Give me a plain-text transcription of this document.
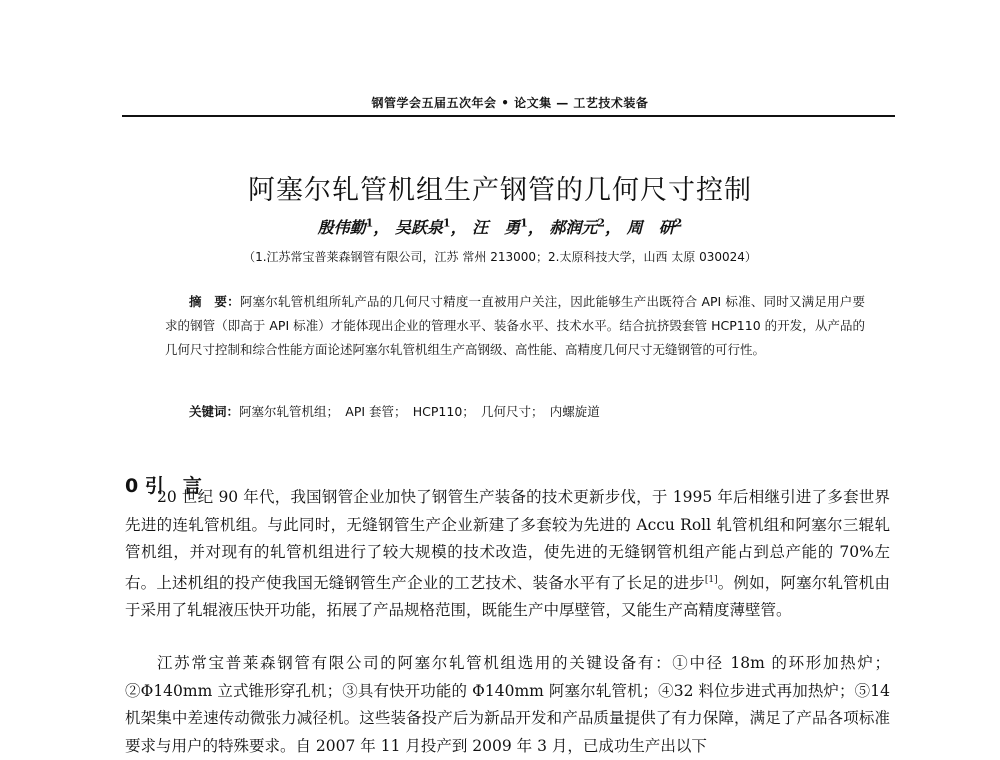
钢管学会五届五次年会 • 论文集 — 工艺技术装备
阿塞尔轧管机组生产钢管的几何尺寸控制
殷伟勤$^1$， 吴跃泉$^1$， 汪　勇$^1$， 郝润元$^2$， 周　研$^2$
（1.江苏常宝普莱森钢管有限公司，江苏 常州 213000；2.太原科技大学，山西 太原 030024）
摘　要：阿塞尔轧管机组所轧产品的几何尺寸精度一直被用户关注，因此能够生产出既符合 API 标准、同时又满足用户要求的钢管（即高于 API 标准）才能体现出企业的管理水平、装备水平、技术水平。结合抗挤毁套管 HCP110 的开发，从产品的几何尺寸控制和综合性能方面论述阿塞尔轧管机组生产高钢级、高性能、高精度几何尺寸无缝钢管的可行性。
关键词：阿塞尔轧管机组；　API 套管；　HCP110；　几何尺寸；　内螺旋道
0 引　言

20 世纪 90 年代，我国钢管企业加快了钢管生产装备的技术更新步伐，于 1995 年后相继引进了多套世界先进的连轧管机组。与此同时，无缝钢管生产企业新建了多套较为先进的 Accu Roll 轧管机组和阿塞尔三辊轧管机组，并对现有的轧管机组进行了较大规模的技术改造，使先进的无缝钢管机组产能占到总产能的 70%左右。上述机组的投产使我国无缝钢管生产企业的工艺技术、装备水平有了长足的进步[1]。例如，阿塞尔轧管机由于采用了轧辊液压快开功能，拓展了产品规格范围，既能生产中厚壁管，又能生产高精度薄壁管。

江苏常宝普莱森钢管有限公司的阿塞尔轧管机组选用的关键设备有：①中径 18m 的环形加热炉；②Φ140mm 立式锥形穿孔机；③具有快开功能的 Φ140mm 阿塞尔轧管机；④32 料位步进式再加热炉；⑤14 机架集中差速传动微张力减径机。这些装备投产后为新品开发和产品质量提供了有力保障，满足了产品各项标准要求与用户的特殊要求。自 2007 年 11 月投产到 2009 年 3 月，已成功生产出以下
